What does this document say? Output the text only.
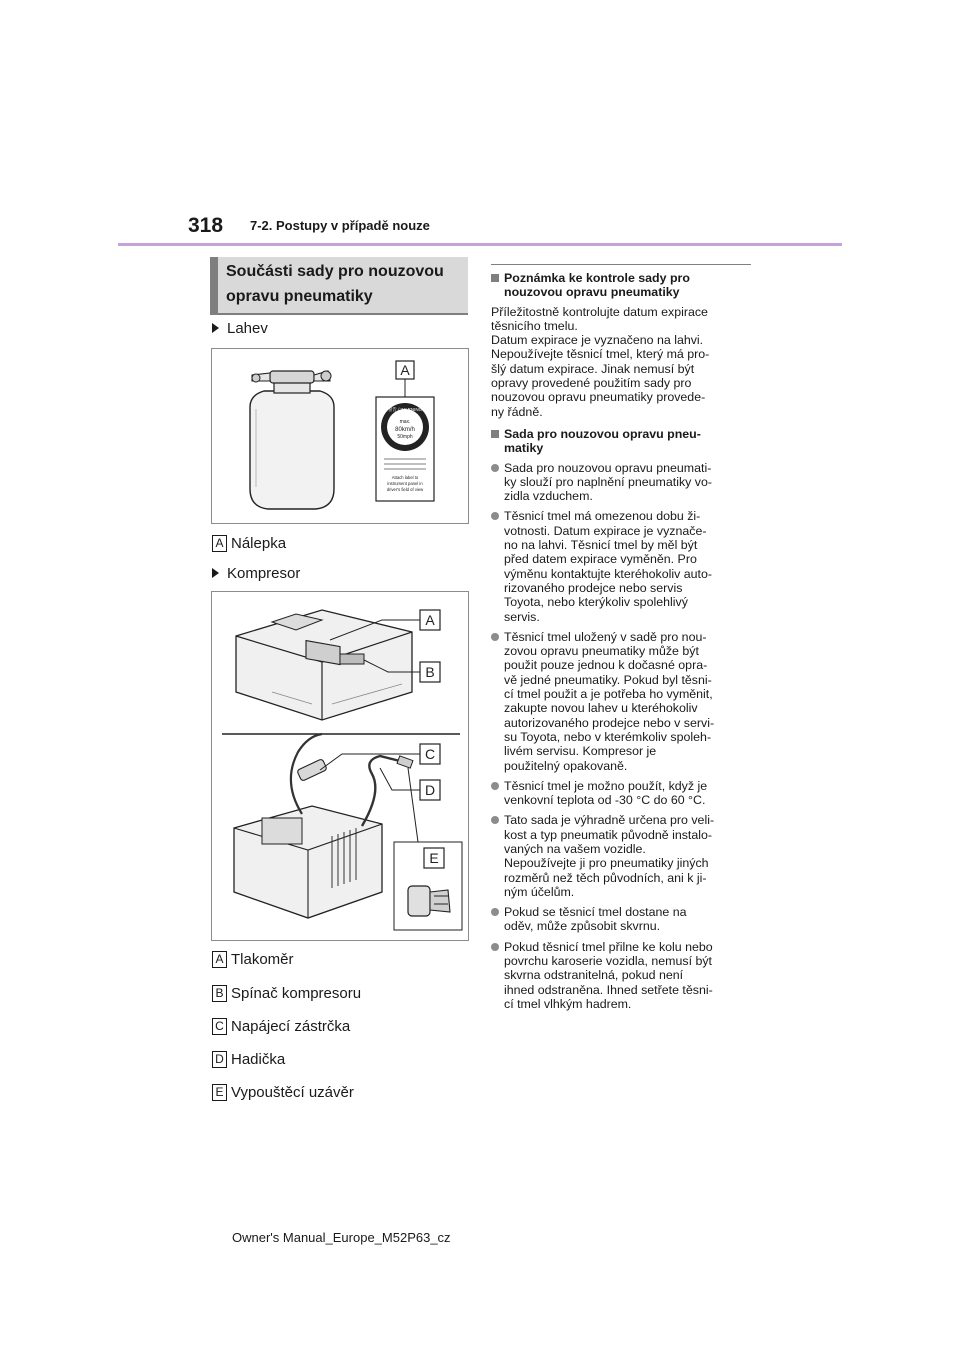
318 7-2. Postupy v případě nouze
Součásti sady pro nouzovou
opravu pneumatiky
Lahev
警告 / WARNING
max.
80km/h
50mph
Attach label to
instrument panel in
driver's field of view
A
A Nálepka
Kompresor
A
B
C
D
E
A Tlakoměr
B Spínač kompresoru
C Napájecí zástrčka
D Hadička
E Vypouštěcí uzávěr
Poznámka ke kontrole sady pro
nouzovou opravu pneumatiky
Příležitostně kontrolujte datum expirace
těsnicího tmelu.
Datum expirace je vyznačeno na lahvi.
Nepoužívejte těsnicí tmel, který má pro-
šlý datum expirace. Jinak nemusí být
opravy provedené použitím sady pro
nouzovou opravu pneumatiky provede-
ny řádně.
Sada pro nouzovou opravu pneu-
matiky
Sada pro nouzovou opravu pneumati-
ky slouží pro naplnění pneumatiky vo-
zidla vzduchem.
Těsnicí tmel má omezenou dobu ži-
votnosti. Datum expirace je vyznače-
no na lahvi. Těsnicí tmel by měl být
před datem expirace vyměněn. Pro
výměnu kontaktujte kteréhokoliv auto-
rizovaného prodejce nebo servis
Toyota, nebo kterýkoliv spolehlivý
servis.
Těsnicí tmel uložený v sadě pro nou-
zovou opravu pneumatiky může být
použit pouze jednou k dočasné opra-
vě jedné pneumatiky. Pokud byl těsni-
cí tmel použit a je potřeba ho vyměnit,
zakupte novou lahev u kteréhokoliv
autorizovaného prodejce nebo v servi-
su Toyota, nebo v kterémkoliv spoleh-
livém servisu. Kompresor je
použitelný opakovaně.
Těsnicí tmel je možno použít, když je
venkovní teplota od -30 °C do 60 °C.
Tato sada je výhradně určena pro veli-
kost a typ pneumatik původně instalo-
vaných na vašem vozidle.
Nepoužívejte ji pro pneumatiky jiných
rozměrů než těch původních, ani k ji-
ným účelům.
Pokud se těsnicí tmel dostane na
oděv, může způsobit skvrnu.
Pokud těsnicí tmel přilne ke kolu nebo
povrchu karoserie vozidla, nemusí být
skvrna odstranitelná, pokud není
ihned odstraněna. Ihned setřete těsni-
cí tmel vlhkým hadrem.
Owner's Manual_Europe_M52P63_cz
